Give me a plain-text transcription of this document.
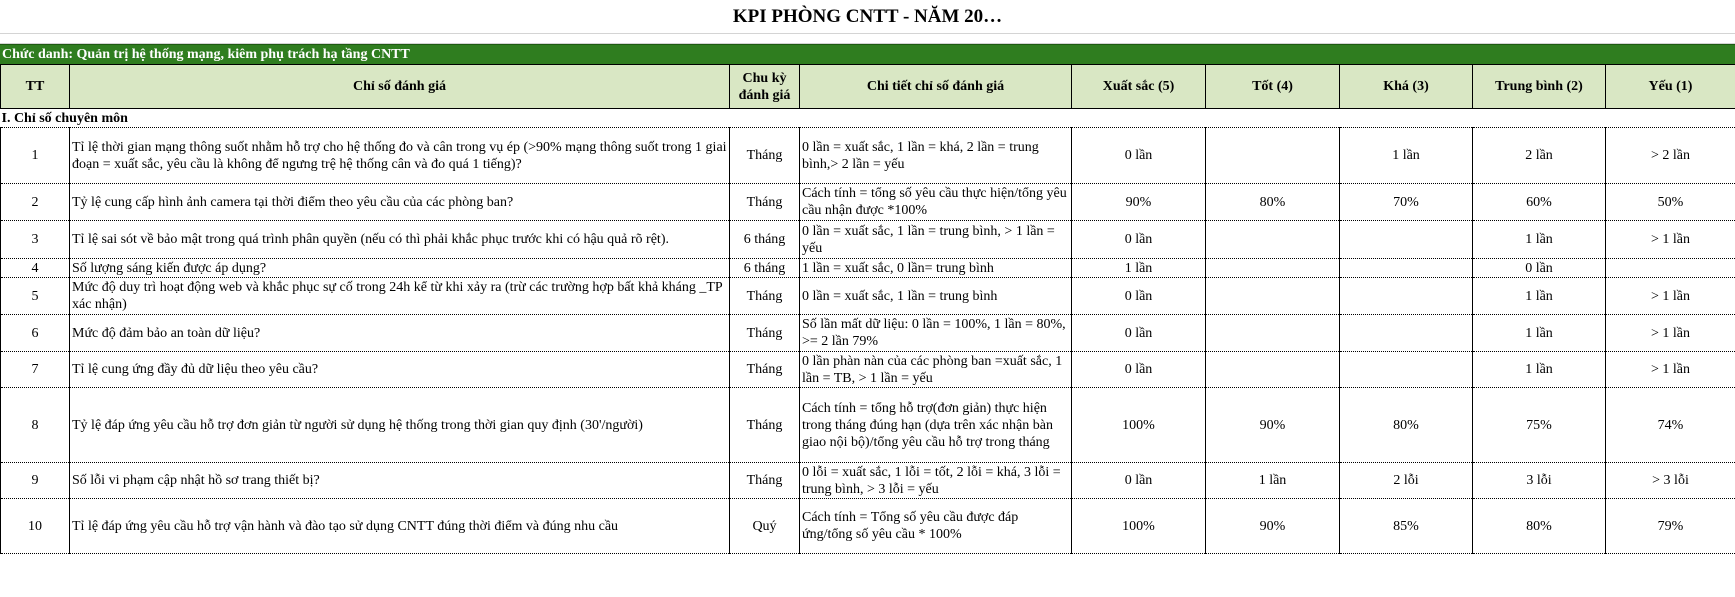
KPI PHÒNG CNTT - NĂM 20…
Chức danh: Quản trị hệ thống mạng, kiêm phụ trách hạ tầng CNTT
TT	Chỉ số đánh giá	Chu kỳ đánh giá	Chi tiết chỉ số đánh giá	Xuất sắc (5)	Tốt (4)	Khá (3)	Trung bình (2)	Yếu (1)
I. Chỉ số chuyên môn								
1	Tỉ lệ thời gian mạng thông suốt nhằm hỗ trợ cho hệ thống đo và cân trong vụ ép (>90% mạng thông suốt trong 1 giai đoạn = xuất sắc, yêu cầu là không để ngưng trệ hệ thống cân và đo quá 1 tiếng)?	Tháng	0 lần = xuất sắc, 1 lần = khá, 2 lần = trung bình,> 2 lần = yếu	0 lần		1 lần	2 lần	> 2 lần
2	Tỷ lệ cung cấp hình ảnh camera tại thời điểm theo yêu cầu của các phòng ban?	Tháng	Cách tính = tổng số yêu cầu thực hiện/tổng yêu cầu nhận được *100%	90%	80%	70%	60%	50%
3	Tỉ lệ sai sót về bảo mật trong quá trình phân quyền (nếu có thì phải khắc phục trước khi có hậu quả rõ rệt).	6 tháng	0 lần = xuất sắc, 1 lần = trung bình, > 1 lần = yếu	0 lần			1 lần	> 1 lần
4	Số lượng sáng kiến được áp dụng?	6 tháng	1 lần = xuất sắc, 0 lần= trung bình	1 lần			0 lần	
5	Mức độ duy trì hoạt động web và khắc phục sự cố trong 24h kể từ khi xảy ra (trừ các trường hợp bất khả kháng _TP xác nhận)	Tháng	0 lần = xuất sắc, 1 lần = trung bình	0 lần			1 lần	> 1 lần
6	Mức độ đảm bảo an toàn dữ liệu?	Tháng	Số lần mất dữ liệu: 0 lần = 100%, 1 lần = 80%, >= 2 lần 79%	0 lần			1 lần	> 1 lần
7	Tỉ lệ cung ứng đầy đủ dữ liệu theo yêu cầu?	Tháng	0 lần phàn nàn của các phòng ban =xuất sắc, 1 lần = TB, > 1 lần = yếu	0 lần			1 lần	> 1 lần
8	Tỷ lệ đáp ứng yêu cầu hỗ trợ đơn giản từ người sử dụng hệ thống trong thời gian quy định (30'/người)	Tháng	Cách tính = tổng hỗ trợ(đơn giản) thực hiện trong tháng đúng hạn (dựa trên xác nhận bàn giao nội bộ)/tổng yêu cầu hỗ trợ trong tháng	100%	90%	80%	75%	74%
9	Số lỗi vi phạm cập nhật hồ sơ trang thiết bị?	Tháng	0 lỗi = xuất sắc, 1 lỗi = tốt, 2 lỗi = khá, 3 lỗi = trung bình, > 3 lỗi = yếu	0 lần	1 lần	2 lỗi	3 lỗi	> 3 lỗi
10	Tỉ lệ đáp ứng yêu cầu hỗ trợ vận hành và đào tạo sử dụng CNTT đúng thời điểm và đúng nhu cầu	Quý	Cách tính = Tổng số yêu cầu được đáp ứng/tổng số yêu cầu * 100%	100%	90%	85%	80%	79%
